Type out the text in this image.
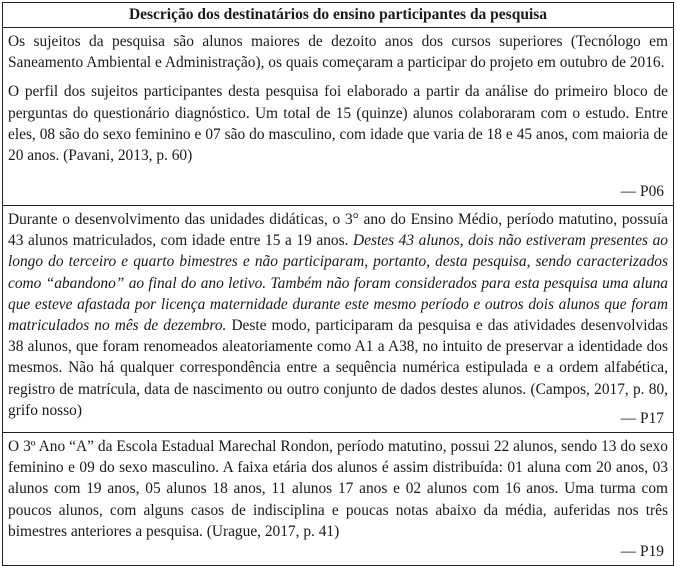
Descrição dos destinatários do ensino participantes da pesquisa

Os sujeitos da pesquisa são alunos maiores de dezoito anos dos cursos superiores (Tecnólogo em Saneamento Ambiental e Administração), os quais começaram a participar do projeto em outubro de 2016.

O perfil dos sujeitos participantes desta pesquisa foi elaborado a partir da análise do primeiro bloco de perguntas do questionário diagnóstico. Um total de 15 (quinze) alunos colaboraram com o estudo. Entre eles, 08 são do sexo feminino e 07 são do masculino, com idade que varia de 18 e 45 anos, com maioria de 20 anos. (Pavani, 2013, p. 60)

— P06

Durante o desenvolvimento das unidades didáticas, o 3° ano do Ensino Médio, período matutino, possuía 43 alunos matriculados, com idade entre 15 a 19 anos. Destes 43 alunos, dois não estiveram presentes ao longo do terceiro e quarto bimestres e não participaram, portanto, desta pesquisa, sendo caracterizados como “abandono” ao final do ano letivo. Também não foram considerados para esta pesquisa uma aluna que esteve afastada por licença maternidade durante este mesmo período e outros dois alunos que foram matriculados no mês de dezembro. Deste modo, participaram da pesquisa e das atividades desenvolvidas 38 alunos, que foram renomeados aleatoriamente como A1 a A38, no intuito de preservar a identidade dos mesmos. Não há qualquer correspondência entre a sequência numérica estipulada e a ordem alfabética, registro de matrícula, data de nascimento ou outro conjunto de dados destes alunos. (Campos, 2017, p. 80, grifo nosso)	— P17

O 3º Ano “A” da Escola Estadual Marechal Rondon, período matutino, possui 22 alunos, sendo 13 do sexo feminino e 09 do sexo masculino. A faixa etária dos alunos é assim distribuída: 01 aluna com 20 anos, 03 alunos com 19 anos, 05 alunos 18 anos, 11 alunos 17 anos e 02 alunos com 16 anos. Uma turma com poucos alunos, com alguns casos de indisciplina e poucas notas abaixo da média, auferidas nos três bimestres anteriores a pesquisa. (Urague, 2017, p. 41)

— P19
